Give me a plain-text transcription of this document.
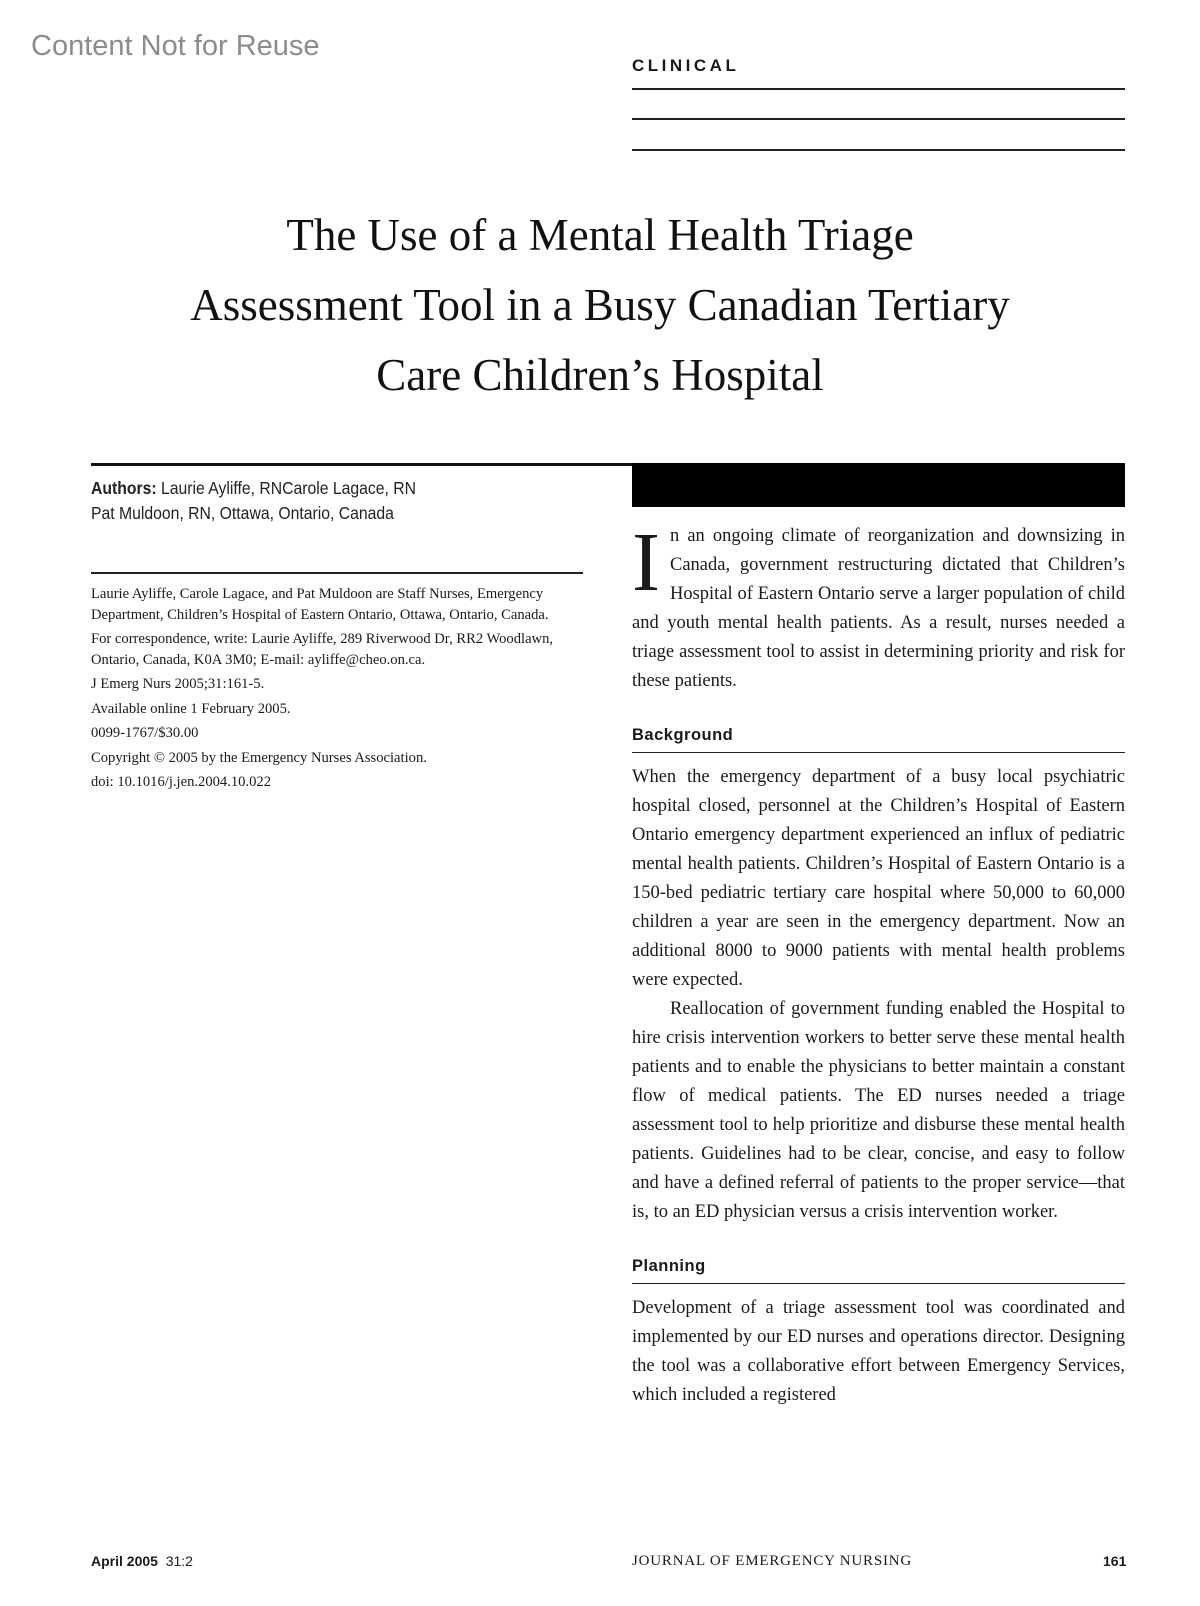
Content Not for Reuse
CLINICAL
The Use of a Mental Health Triage
Assessment Tool in a Busy Canadian Tertiary
Care Children’s Hospital
Authors: Laurie Ayliffe, RNCarole Lagace, RN
Pat Muldoon, RN, Ottawa, Ontario, Canada

Laurie Ayliffe, Carole Lagace, and Pat Muldoon are Staff Nurses, Emergency Department, Children’s Hospital of Eastern Ontario, Ottawa, Ontario, Canada.

For correspondence, write: Laurie Ayliffe, 289 Riverwood Dr, RR2 Woodlawn, Ontario, Canada, K0A 3M0; E-mail: ayliffe@cheo.on.ca.

J Emerg Nurs 2005;31:161-5.

Available online 1 February 2005.

0099-1767/$30.00

Copyright © 2005 by the Emergency Nurses Association.

doi: 10.1016/j.jen.2004.10.022

In an ongoing climate of reorganization and downsizing in Canada, government restructuring dictated that Children’s Hospital of Eastern Ontario serve a larger population of child and youth mental health patients. As a result, nurses needed a triage assessment tool to assist in determining priority and risk for these patients.

Background

When the emergency department of a busy local psychiatric hospital closed, personnel at the Children’s Hospital of Eastern Ontario emergency department experienced an influx of pediatric mental health patients. Children’s Hospital of Eastern Ontario is a 150-bed pediatric tertiary care hospital where 50,000 to 60,000 children a year are seen in the emergency department. Now an additional 8000 to 9000 patients with mental health problems were expected.

Reallocation of government funding enabled the Hospital to hire crisis intervention workers to better serve these mental health patients and to enable the physicians to better maintain a constant flow of medical patients. The ED nurses needed a triage assessment tool to help prioritize and disburse these mental health patients. Guidelines had to be clear, concise, and easy to follow and have a defined referral of patients to the proper service—that is, to an ED physician versus a crisis intervention worker.

Planning

Development of a triage assessment tool was coordinated and implemented by our ED nurses and operations director. Designing the tool was a collaborative effort between Emergency Services, which included a registered

April 2005 31:2	JOURNAL OF EMERGENCY NURSING	161
